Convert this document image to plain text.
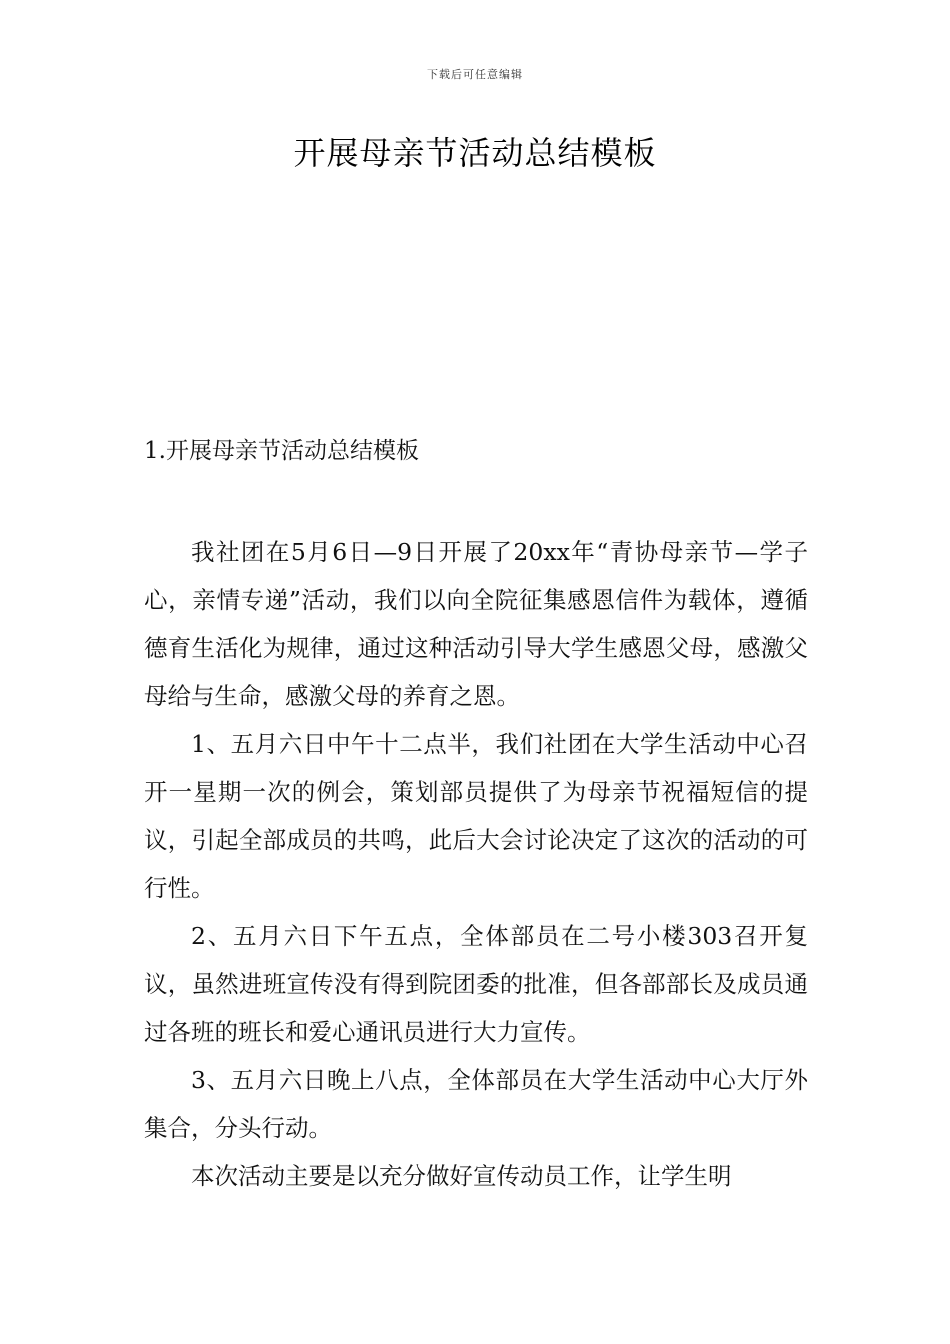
下载后可任意编辑
开展母亲节活动总结模板
1.开展母亲节活动总结模板

我社团在5月6日—9日开展了20xx年“青协母亲节—学子心，亲情专递”活动，我们以向全院征集感恩信件为载体，遵循德育生活化为规律，通过这种活动引导大学生感恩父母，感激父母给与生命，感激父母的养育之恩。

1、五月六日中午十二点半，我们社团在大学生活动中心召开一星期一次的例会，策划部员提供了为母亲节祝福短信的提议，引起全部成员的共鸣，此后大会讨论决定了这次的活动的可行性。

2、五月六日下午五点，全体部员在二号小楼303召开复议，虽然进班宣传没有得到院团委的批准，但各部部长及成员通过各班的班长和爱心通讯员进行大力宣传。

3、五月六日晚上八点，全体部员在大学生活动中心大厅外集合，分头行动。

本次活动主要是以充分做好宣传动员工作，让学生明
